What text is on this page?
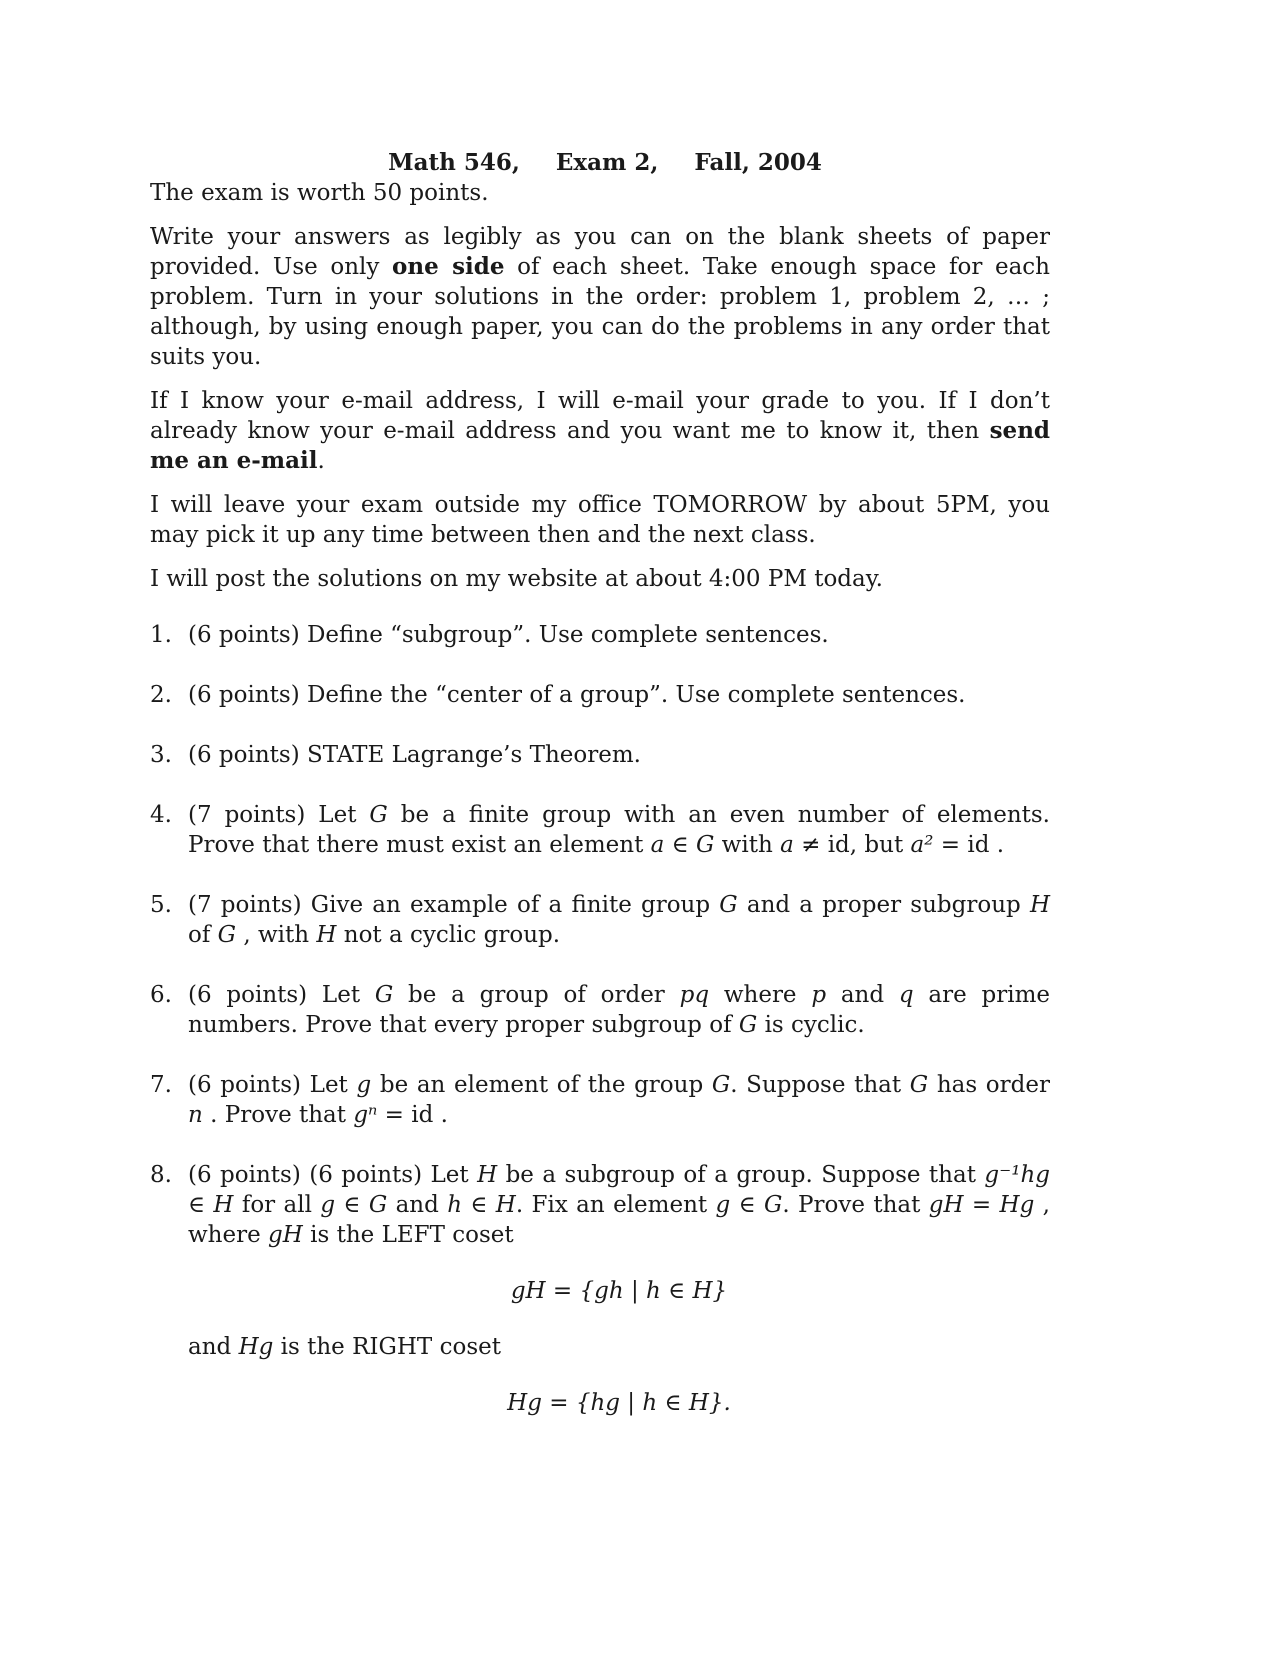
Math 546, Exam 2, Fall, 2004

The exam is worth 50 points.

Write your answers as legibly as you can on the blank sheets of paper provided. Use only one side of each sheet. Take enough space for each problem. Turn in your solutions in the order: problem 1, problem 2, … ; although, by using enough paper, you can do the problems in any order that suits you.

If I know your e-mail address, I will e-mail your grade to you. If I don’t already know your e-mail address and you want me to know it, then send me an e-mail.

I will leave your exam outside my office TOMORROW by about 5PM, you may pick it up any time between then and the next class.

I will post the solutions on my website at about 4:00 PM today.

1. (6 points) Define “subgroup”. Use complete sentences.
2. (6 points) Define the “center of a group”. Use complete sentences.
3. (6 points) STATE Lagrange’s Theorem.
4. (7 points) Let G be a finite group with an even number of elements. Prove that there must exist an element a ∈ G with a ≠ id, but a² = id .
5. (7 points) Give an example of a finite group G and a proper subgroup H of G , with H not a cyclic group.
6. (6 points) Let G be a group of order pq where p and q are prime numbers. Prove that every proper subgroup of G is cyclic.
7. (6 points) Let g be an element of the group G. Suppose that G has order n . Prove that gⁿ = id .
8. (6 points) (6 points) Let H be a subgroup of a group. Suppose that g⁻¹hg ∈ H for all g ∈ G and h ∈ H. Fix an element g ∈ G. Prove that gH = Hg , where gH is the LEFT coset
gH = {gh | h ∈ H}
and Hg is the RIGHT coset
Hg = {hg | h ∈ H}.
